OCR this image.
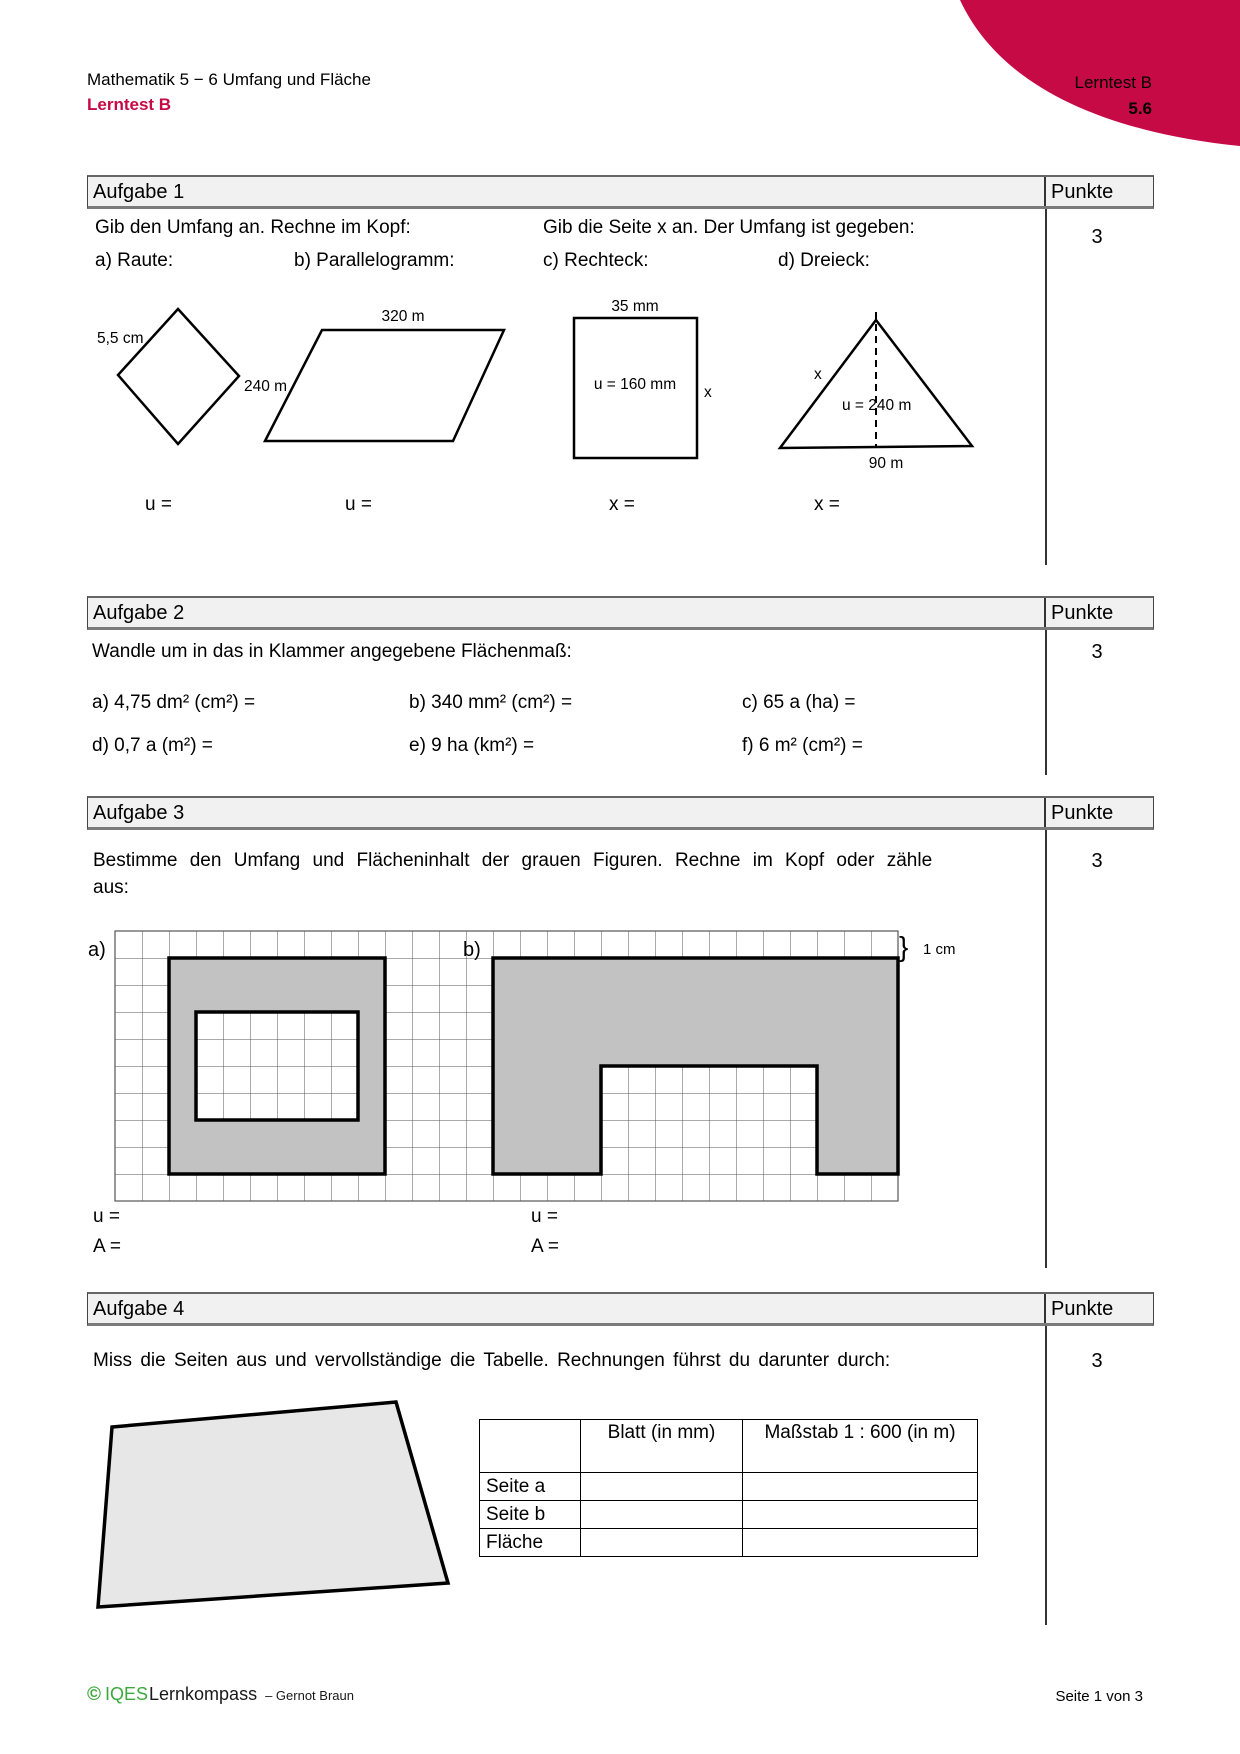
Mathematik 5 − 6 Umfang und Fläche
Lerntest B
Lerntest B
5.6
Aufgabe 1	Punkte
3
Gib den Umfang an. Rechne im Kopf:	Gib die Seite x an. Der Umfang ist gegeben:
a) Raute:	b) Parallelogramm:	c) Rechteck:	d) Dreieck:
5,5 cm
320 m
240 m
35 mm
u = 160 mm x
x
u = 240 m
90 m
u =	u =	x =	x =
Aufgabe 2	Punkte
3
Wandle um in das in Klammer angegebene Flächenmaß:
a) 4,75 dm² (cm²) =	b) 340 mm² (cm²) =	c) 65 a (ha) =
d) 0,7 a (m²) =	e) 9 ha (km²) =	f) 6 m² (cm²) =
Aufgabe 3	Punkte
3
Bestimme den Umfang und Flächeninhalt der grauen Figuren. Rechne im Kopf oder zähle
aus:
a)	b)	} 1 cm
u =
A =
u =
A =
Aufgabe 4	Punkte
3
Miss die Seiten aus und vervollständige die Tabelle. Rechnungen führst du darunter durch:
	Blatt (in mm)	Maßstab 1 : 600 (in m)
Seite a		
Seite b		
Fläche		
© IQES Lernkompass – Gernot Braun	Seite 1 von 3
